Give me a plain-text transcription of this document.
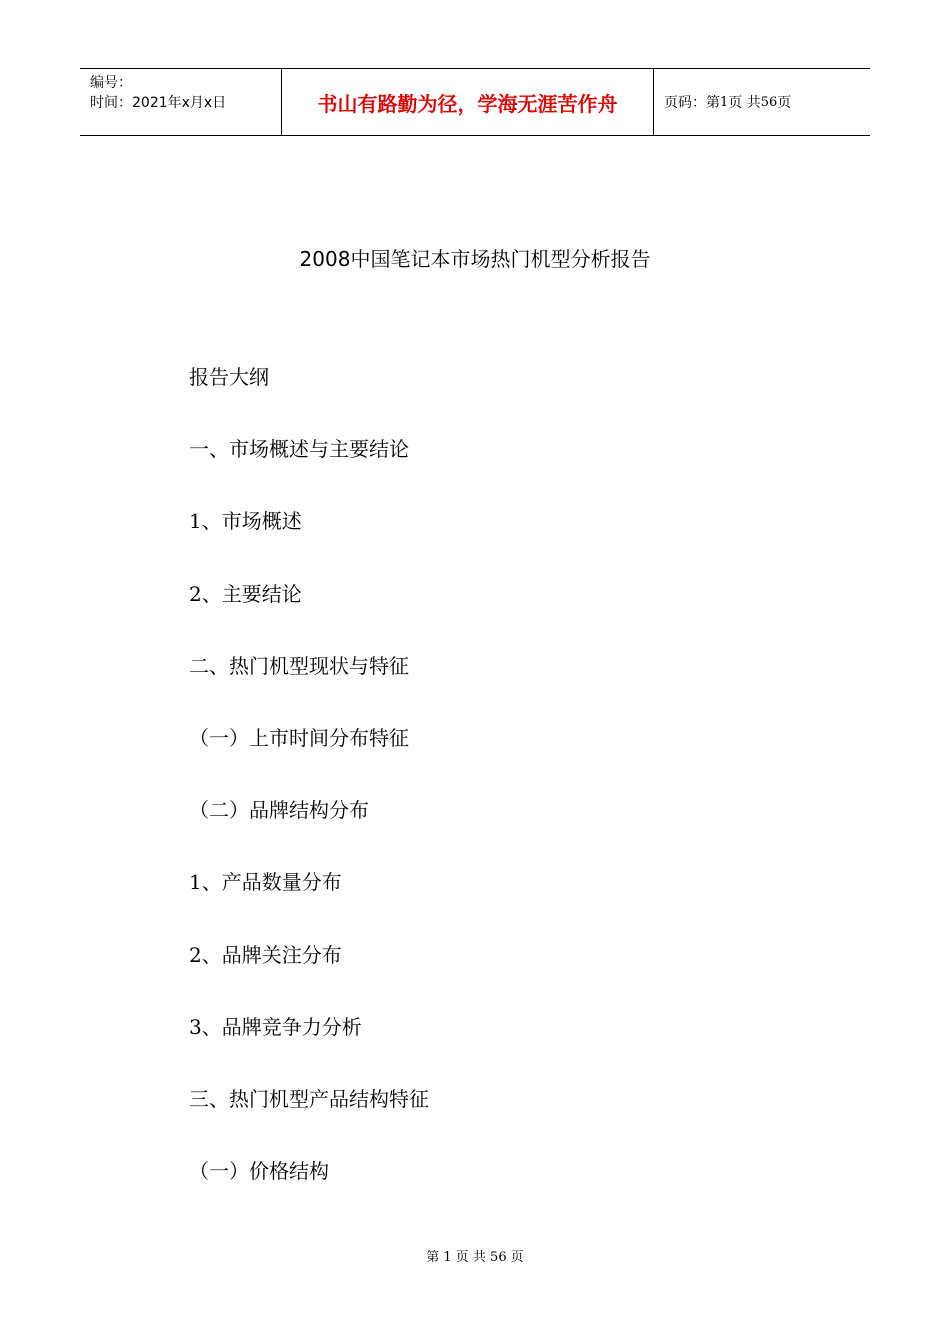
编号：
时间：2021年x月x日	书山有路勤为径，学海无涯苦作舟	页码：第 1 页 共 56 页
2008中国笔记本市场热门机型分析报告
报告大纲
一、市场概述与主要结论
1、市场概述
2、主要结论
二、热门机型现状与特征
（一）上市时间分布特征
（二）品牌结构分布
1、产品数量分布
2、品牌关注分布
3、品牌竞争力分析
三、热门机型产品结构特征
（一）价格结构
第 1 页 共 56 页
